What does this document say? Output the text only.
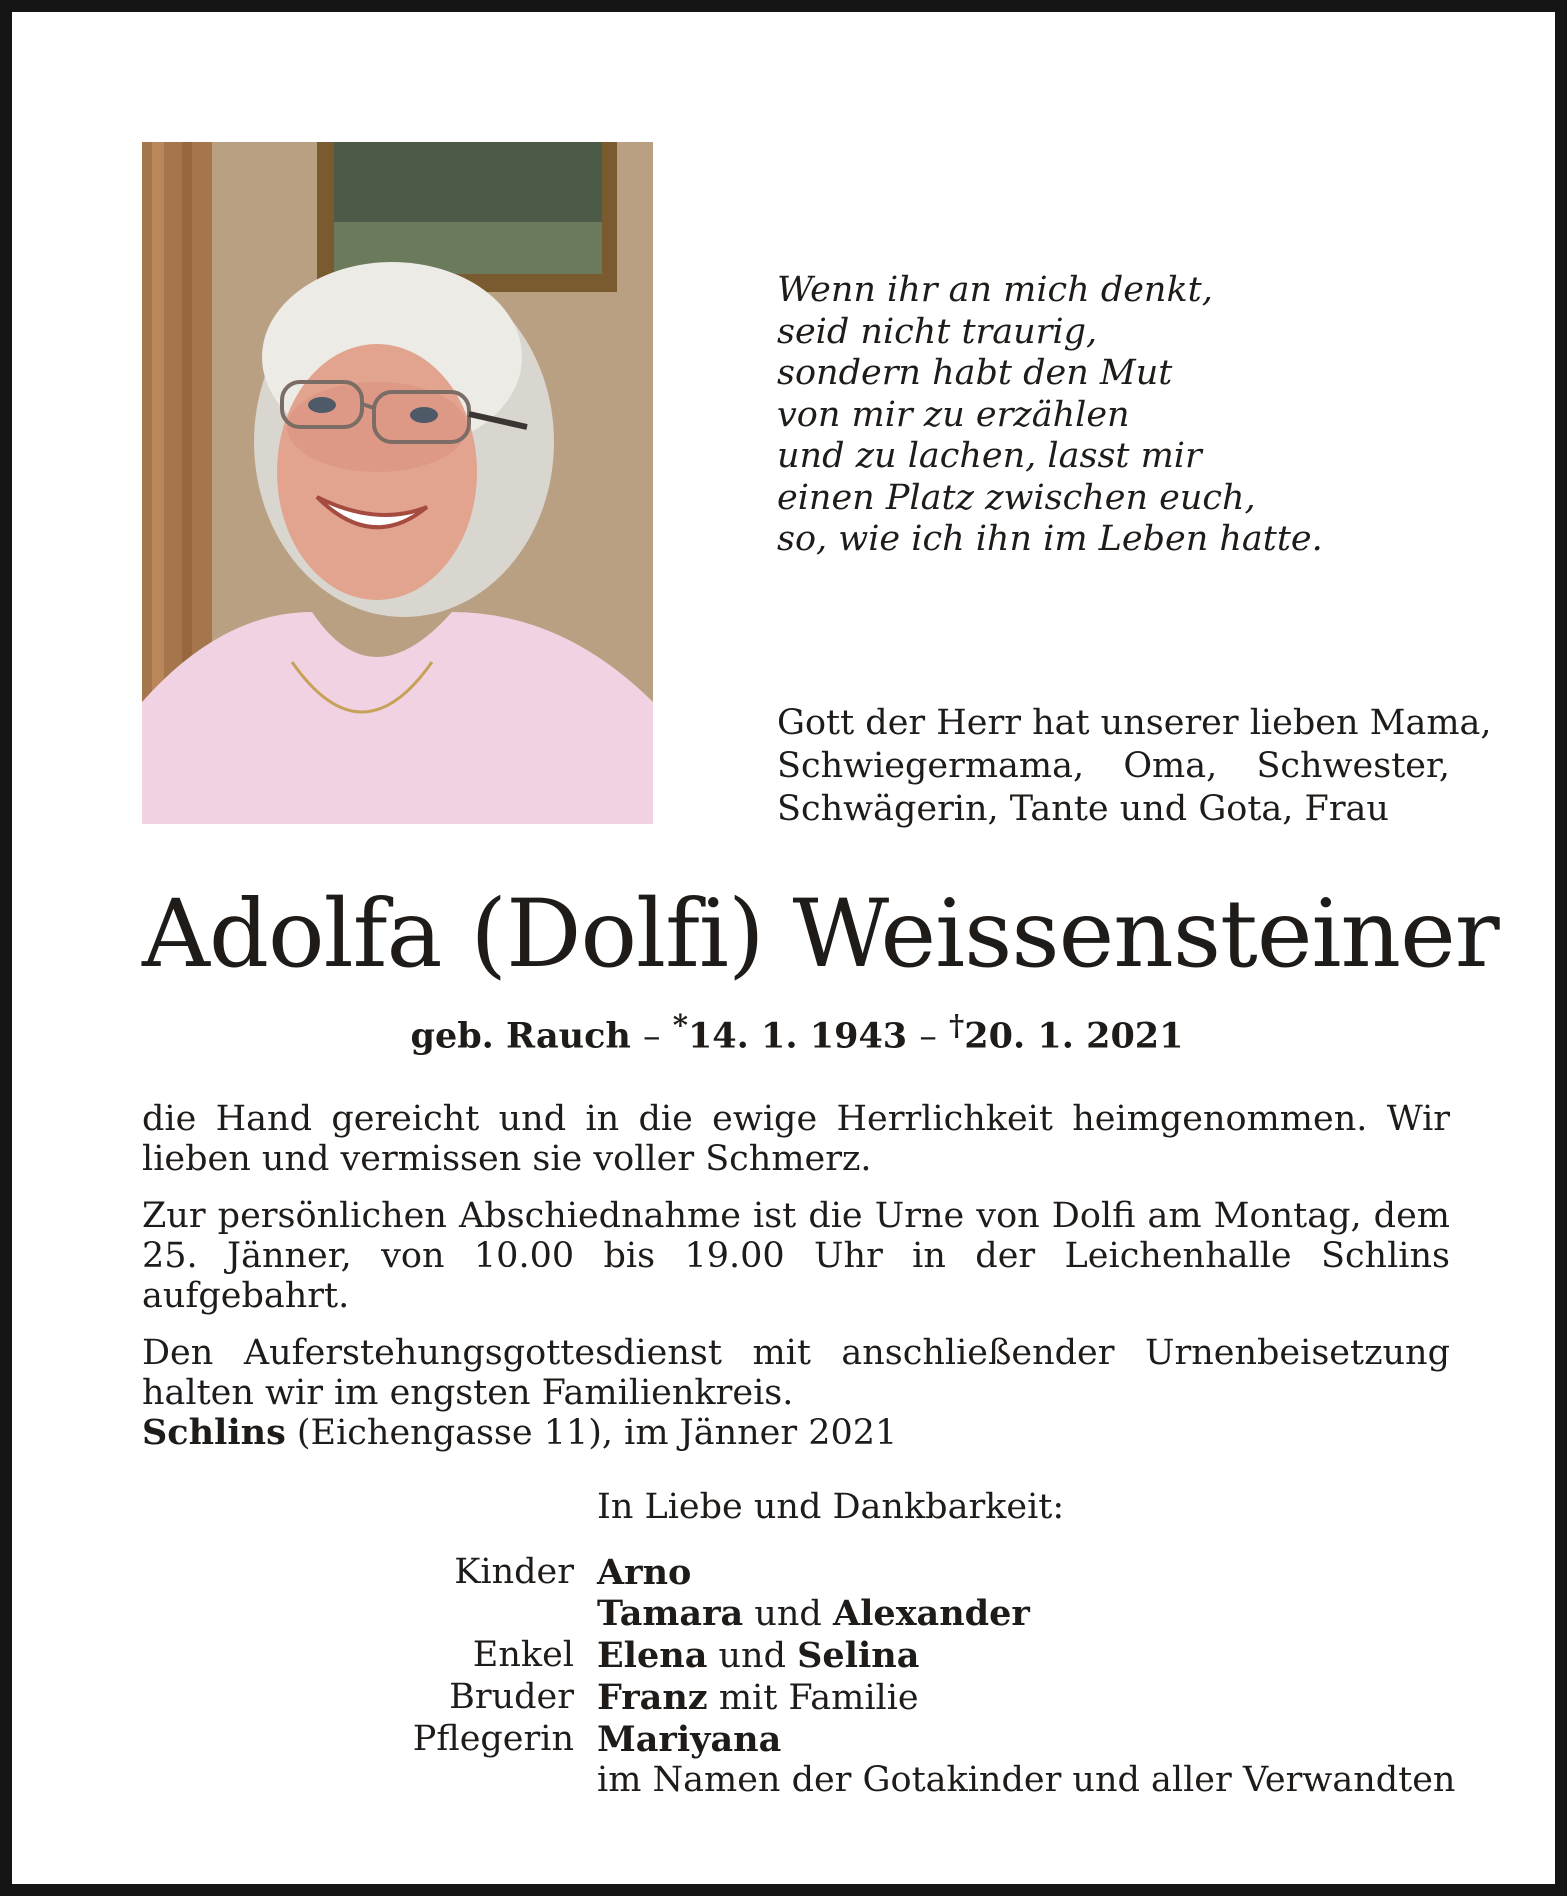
Wenn ihr an mich denkt,
seid nicht traurig,
sondern habt den Mut
von mir zu erzählen
und zu lachen, lasst mir
einen Platz zwischen euch,
so, wie ich ihn im Leben hatte.
Gott der Herr hat unserer lieben Mama,
Schwiegermama, Oma, Schwester,
Schwägerin, Tante und Gota, Frau
Adolfa (Dolfi) Weissensteiner
geb. Rauch – *14. 1. 1943 – †20. 1. 2021

die Hand gereicht und in die ewige Herrlichkeit heimgenommen. Wir lieben und vermissen sie voller Schmerz.

Zur persönlichen Abschiednahme ist die Urne von Dolfi am Montag, dem 25. Jänner, von 10.00 bis 19.00 Uhr in der Leichenhalle Schlins aufgebahrt.

Den Auferstehungsgottesdienst mit anschließender Urnenbeisetzung halten wir im engsten Familienkreis.

Schlins (Eichengasse 11), im Jänner 2021
In Liebe und Dankbarkeit:
Kinder Arno
Tamara und Alexander
Enkel Elena und Selina
Bruder Franz mit Familie
Pflegerin Mariyana
im Namen der Gotakinder und aller Verwandten
